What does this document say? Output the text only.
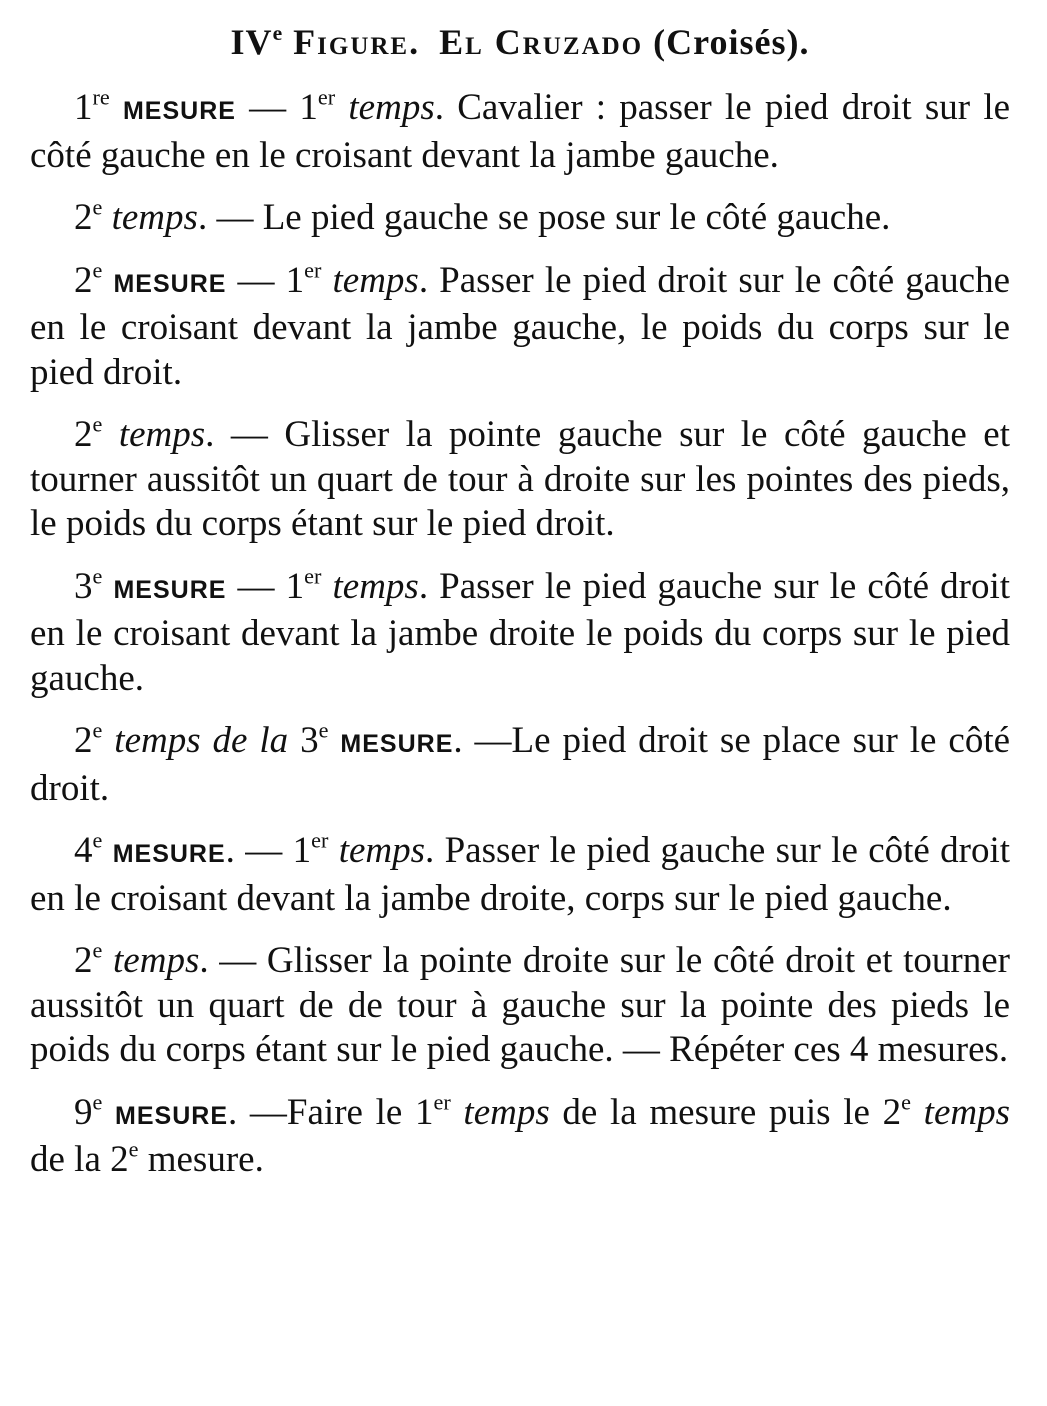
IVe Figure. El Cruzado (Croisés).

1re MESURE — 1er temps. Cavalier : passer le pied droit sur le côté gauche en le croisant devant la jambe gauche.

2e temps. — Le pied gauche se pose sur le côté gauche.

2e MESURE — 1er temps. Passer le pied droit sur le côté gauche en le croisant devant la jambe gauche, le poids du corps sur le pied droit.

2e temps. — Glisser la pointe gauche sur le côté gauche et tourner aussitôt un quart de tour à droite sur les pointes des pieds, le poids du corps étant sur le pied droit.

3e MESURE — 1er temps. Passer le pied gauche sur le côté droit en le croisant devant la jambe droite le poids du corps sur le pied gauche.

2e temps de la 3e MESURE. —Le pied droit se place sur le côté droit.

4e MESURE. — 1er temps. Passer le pied gauche sur le côté droit en le croisant devant la jambe droite, corps sur le pied gauche.

2e temps. — Glisser la pointe droite sur le côté droit et tourner aussitôt un quart de de tour à gauche sur la pointe des pieds le poids du corps étant sur le pied gauche. — Répéter ces 4 mesures.

9e MESURE. —Faire le 1er temps de la mesure puis le 2e temps de la 2e mesure.
